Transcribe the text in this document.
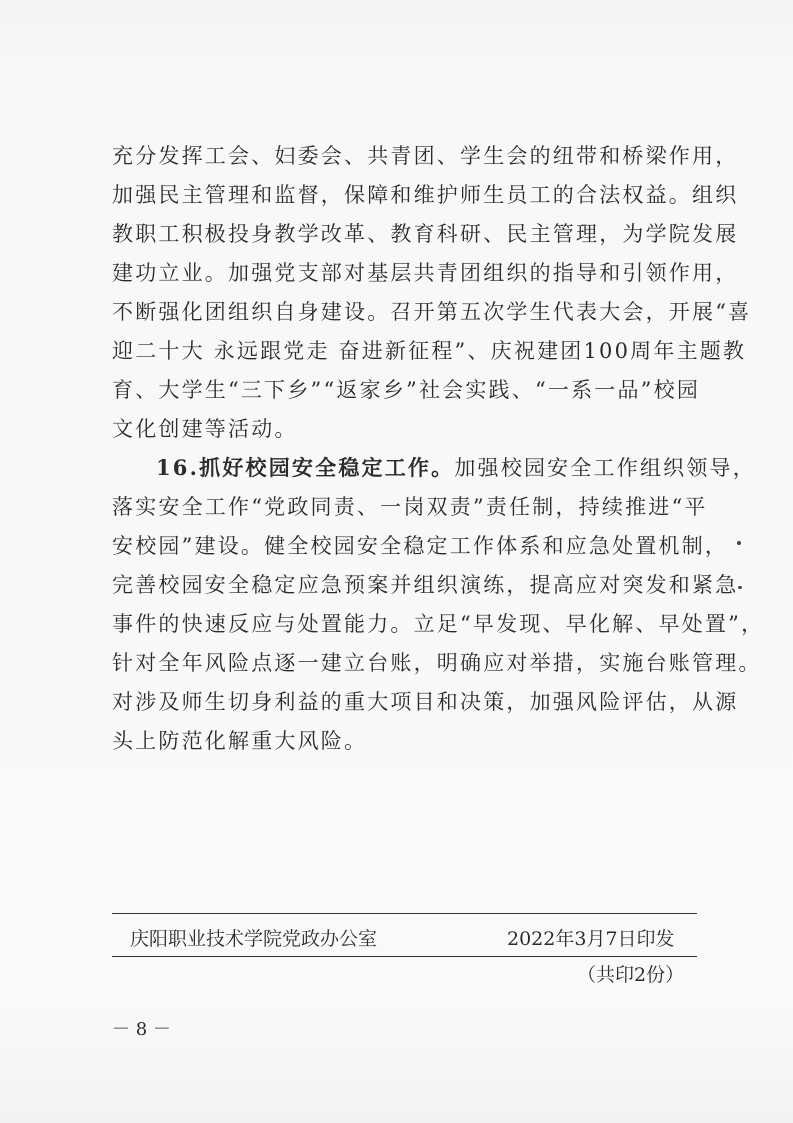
充分发挥工会、妇委会、共青团、学生会的纽带和桥梁作用，
加强民主管理和监督，保障和维护师生员工的合法权益。组织
教职工积极投身教学改革、教育科研、民主管理，为学院发展
建功立业。加强党支部对基层共青团组织的指导和引领作用，
不断强化团组织自身建设。召开第五次学生代表大会，开展“喜
迎二十大 永远跟党走 奋进新征程”、庆祝建团100周年主题教
育、大学生“三下乡”“返家乡”社会实践、“一系一品”校园
文化创建等活动。
16.抓好校园安全稳定工作。加强校园安全工作组织领导，
落实安全工作“党政同责、一岗双责”责任制，持续推进“平
安校园”建设。健全校园安全稳定工作体系和应急处置机制，
完善校园安全稳定应急预案并组织演练，提高应对突发和紧急
事件的快速反应与处置能力。立足“早发现、早化解、早处置”，
针对全年风险点逐一建立台账，明确应对举措，实施台账管理。
对涉及师生切身利益的重大项目和决策，加强风险评估，从源
头上防范化解重大风险。
庆阳职业技术学院党政办公室	2022年3月7日印发
（共印2份）
－ 8 －
